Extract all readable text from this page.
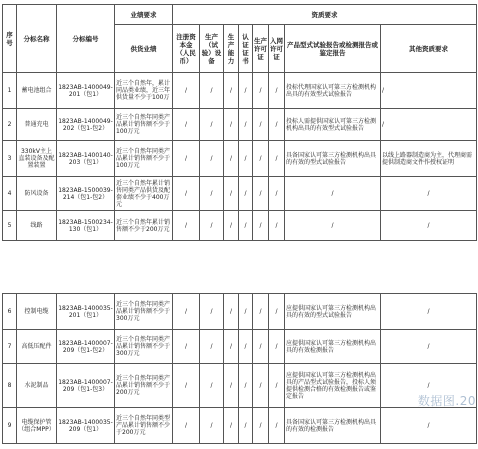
序号	分标名称	分标编号	业绩要求	资质要求							
			供货业绩	注册资本金（人民币）	生产（试验）设备	生产能力	认证证书	生产许可证	入网许可证	产品型式试验报告或检测报告或鉴定报告	其他资质要求
1	蓄电池组合	1823AB-1400049-201（包1）	近三个自然年，累计同品类业绩，近三年供货量不少于100万	/	/	/	/	/	/	投标代理国家认可第三方检测机构出具的有效型式试验报告	/
2	普通充电	1823AB-1400049-202（包1-包2）	近三个自然年同类产品累计销售额不少于100万元	/	/	/	/	/	/	投标人需提供国家认可第三方检测机构出具的有效型式试验报告	/
3	330kV主上直装设备及配置装置	1823AB-1400140-203（包1）	近三个自然年同类产品累计销售额不少于100万元	/	/	/	/	/	/	具备国家认可第三方检测机构出具的有效的型式试验报告	以线上路器制造商为主，代理商需提供制造商文件作授权证明
4	防风设备	1823AB-1500039-214（包1-包2）	近三个自然年累计销售同类产品供货及配套业绩不少于400万元	/	/	/	/	/	/	/	/
5	线路	1823AB-1500234-130（包1）	近三个自然年累计销售额不少于200万元	/	/	/	/	/	/	/	/
6	控制电缆	1823AB-1400035-201（包1）	近三个自然年同类产品累计销售额不少于300万元	/	/	/	/	/	/	应提供国家认可第三方检测机构出具的有效的型式试验报告	/
7	高低压配件	1823AB-1400007-209（包1-包2）	近三个自然年同类产品累计销售额不少于300万元	/	/	/	/	/	/	应提供国家认可第三方检测机构出具的有效检测报告	/
8	水泥制品	1823AB-1400007-209（包1-包3）	近三个自然年同类产品累计销售额不少于200万元	/	/	/	/	/	/	应提供国家认可第三方检测机构出具的产品型式试验报告，投标人须提供检测合格的有效检测报告或鉴定报告	/
9	电缆保护管（组合MPP）	1823AB-1400035-209（包1）	近三个自然年同类型产品累计销售额不少于200万元	/	/	/	/	/	/	具备国家认可第三方检测机构出具的有效的检测报告	/
数据图.20
